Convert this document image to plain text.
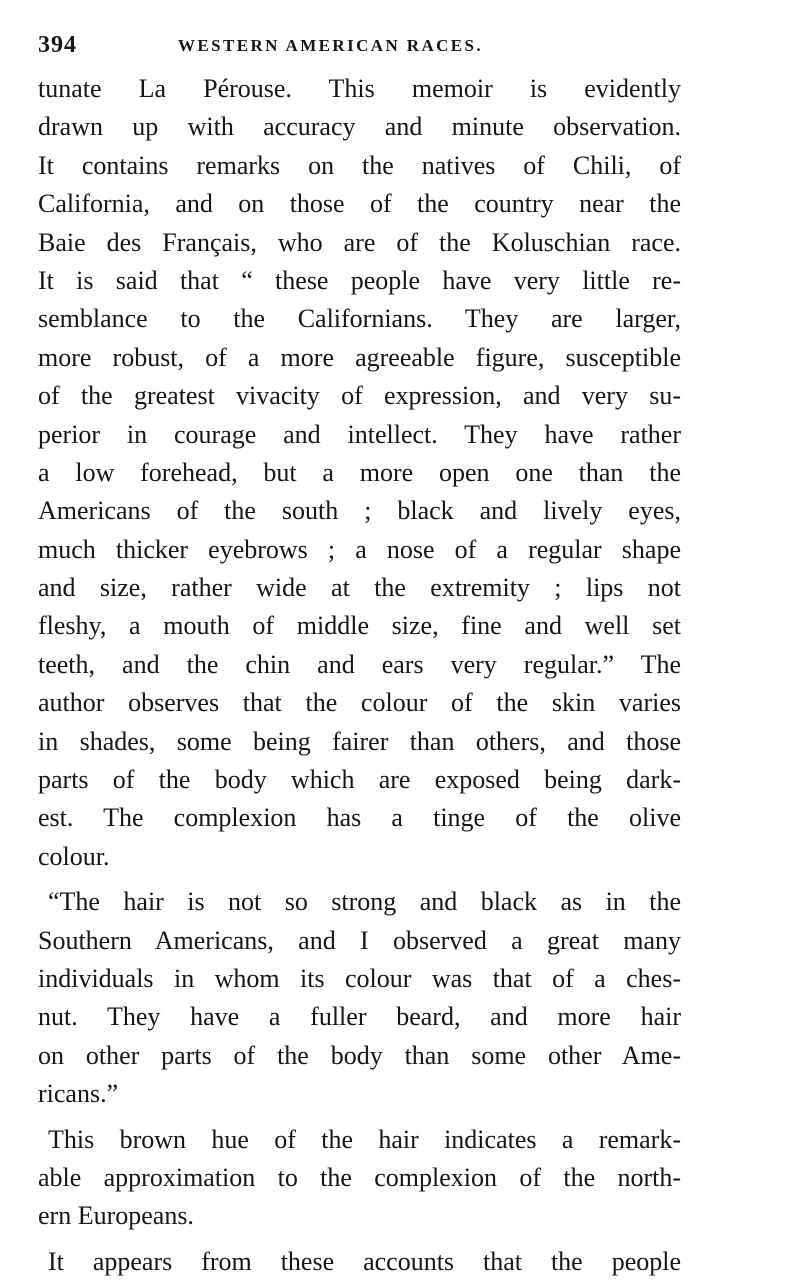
394	WESTERN AMERICAN RACES.
tunate La Pérouse. This memoir is evidently
drawn up with accuracy and minute observation.
It contains remarks on the natives of Chili, of
California, and on those of the country near the
Baie des Français, who are of the Koluschian race.
It is said that “ these people have very little re-
semblance to the Californians. They are larger,
more robust, of a more agreeable figure, susceptible
of the greatest vivacity of expression, and very su-
perior in courage and intellect. They have rather
a low forehead, but a more open one than the
Americans of the south ; black and lively eyes,
much thicker eyebrows ; a nose of a regular shape
and size, rather wide at the extremity ; lips not
fleshy, a mouth of middle size, fine and well set
teeth, and the chin and ears very regular.” The
author observes that the colour of the skin varies
in shades, some being fairer than others, and those
parts of the body which are exposed being dark-
est. The complexion has a tinge of the olive
colour.
“The hair is not so strong and black as in the
Southern Americans, and I observed a great many
individuals in whom its colour was that of a ches-
nut. They have a fuller beard, and more hair
on other parts of the body than some other Ame-
ricans.”
This brown hue of the hair indicates a remark-
able approximation to the complexion of the north-
ern Europeans.
It appears from these accounts that the people
